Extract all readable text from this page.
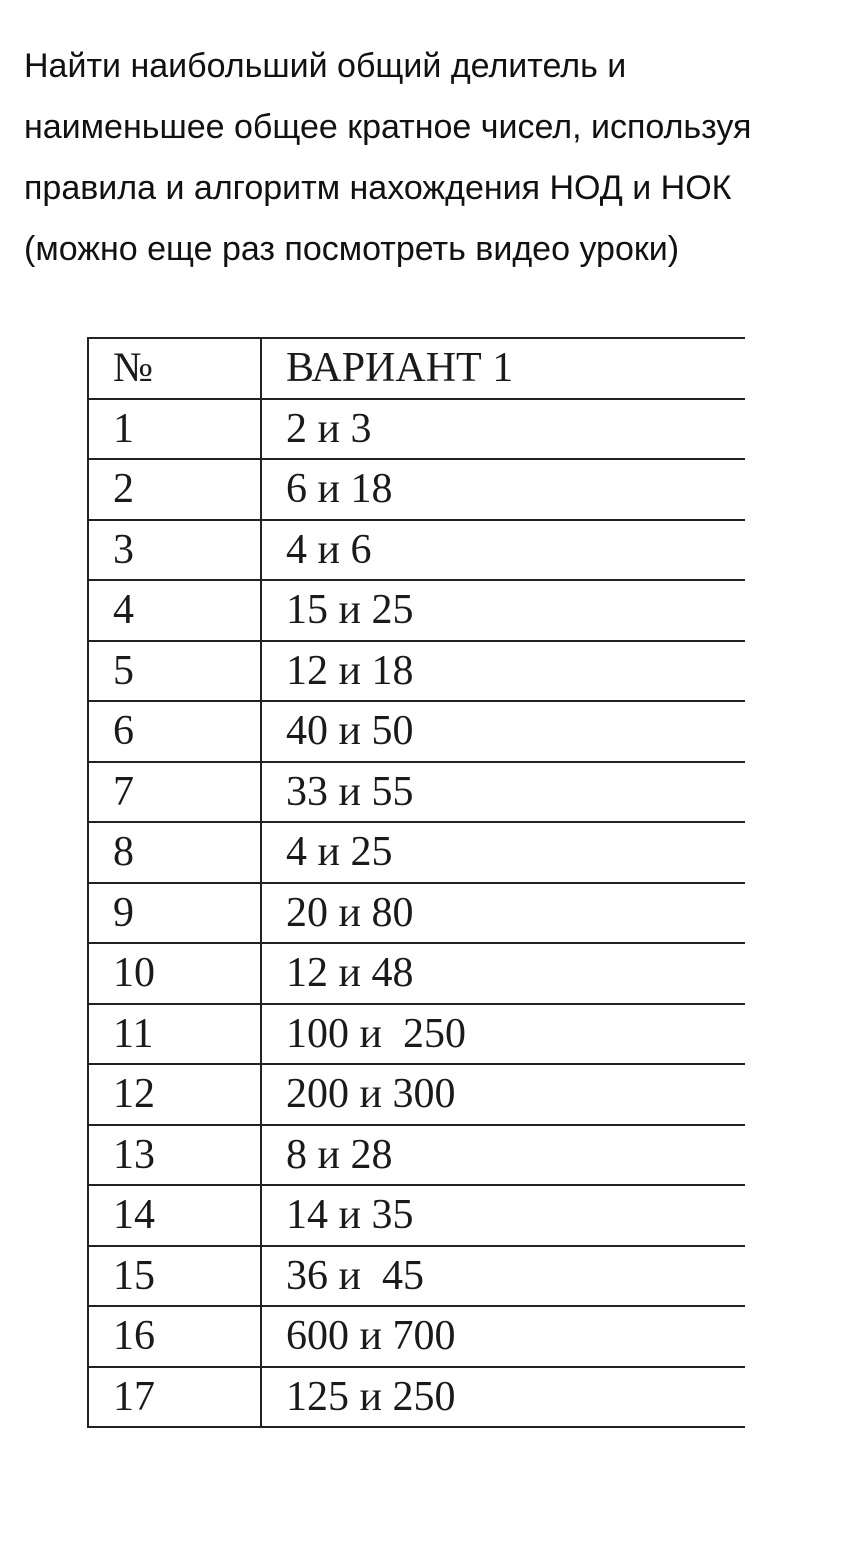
Найти наибольший общий делитель и
наименьшее общее кратное чисел, используя
правила и алгоритм нахождения НОД и НОК
(можно еще раз посмотреть видео уроки)
№	ВАРИАНТ 1
1	2 и 3
2	6 и 18
3	4 и 6
4	15 и 25
5	12 и 18
6	40 и 50
7	33 и 55
8	4 и 25
9	20 и 80
10	12 и 48
11	100 и  250
12	200 и 300
13	8 и 28
14	14 и 35
15	36 и  45
16	600 и 700
17	125 и 250
